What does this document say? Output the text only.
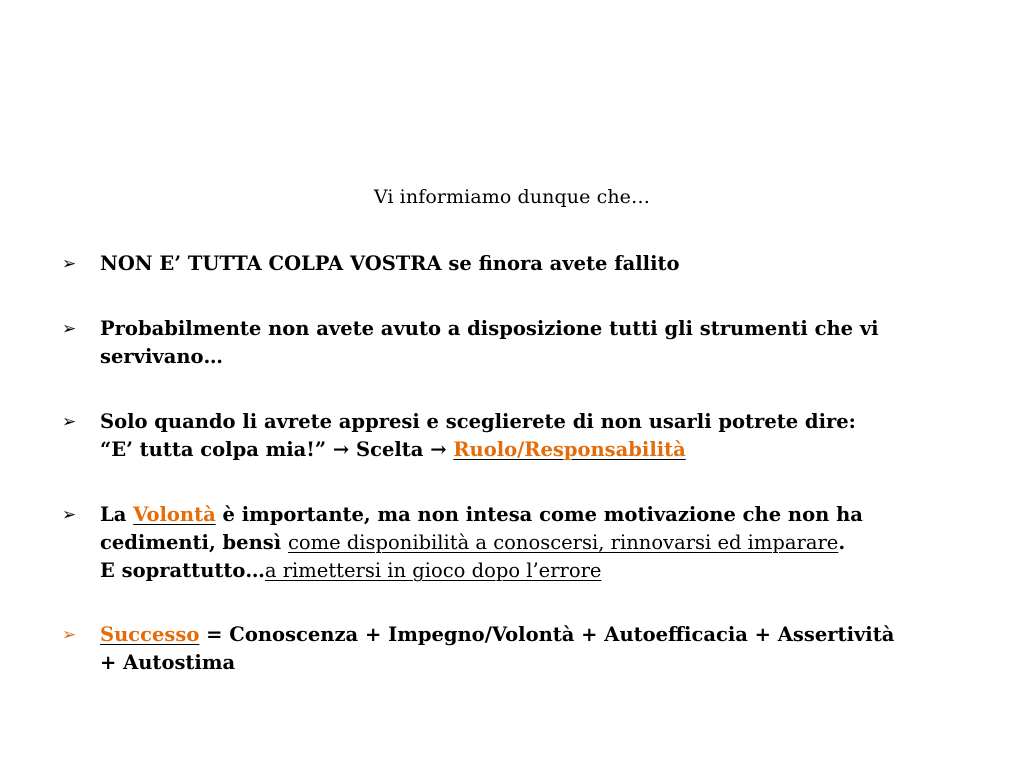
Vi informiamo dunque che…
➢ NON E’ TUTTA COLPA VOSTRA se finora avete fallito
➢ Probabilmente non avete avuto a disposizione tutti gli strumenti che vi
servivano…
➢ Solo quando li avrete appresi e sceglierete di non usarli potrete dire:
“E’ tutta colpa mia!” → Scelta → Ruolo/Responsabilità
➢ La Volontà è importante, ma non intesa come motivazione che non ha
cedimenti, bensì come disponibilità a conoscersi, rinnovarsi ed imparare.
E soprattutto…a rimettersi in gioco dopo l’errore
➢ Successo = Conoscenza + Impegno/Volontà + Autoefficacia + Assertività
+ Autostima
